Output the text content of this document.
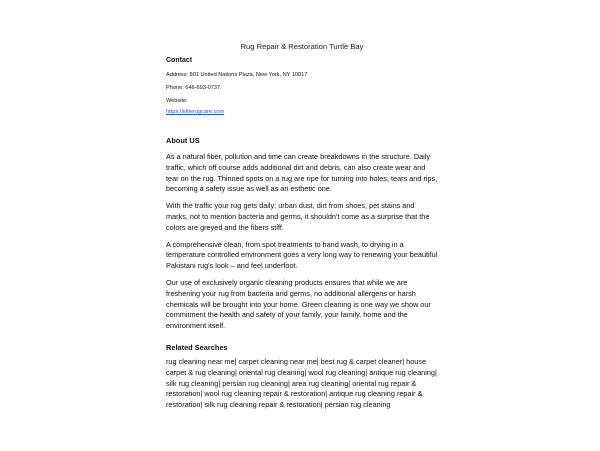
Rug Repair & Restoration Turtle Bay
Contact
Address: 801 United Nations Plaza, New York, NY 10017
Phone: 646-693-0737
Website:
https://eliterugcare.com
About US

As a natural fiber, pollution and time can create breakdowns in the structure. Daily traffic, which off course adds additional dirt and debris, can also create wear and tear on the rug. Thinned spots on a rug are ripe for turning into holes, tears and rips, becoming a safety issue as well as an esthetic one.

With the traffic your rug gets daily; urban dust, dirt from shoes, pet stains and marks, not to mention bacteria and germs, it shouldn't come as a surprise that the colors are greyed and the fibers stiff.

A comprehensive clean, from spot treatments to hand wash, to drying in a temperature controlled environment goes a very long way to renewing your beautiful Pakistani rug's look – and feel underfoot.

Our use of exclusively organic cleaning products ensures that while we are freshening your rug from bacteria and germs, no additional allergens or harsh chemicals will be brought into your home. Green cleaning is one way we show our commitment the health and safety of your family, your family, home and the environment itself.

Related Searches
rug cleaning near me| carpet cleaning near me| best rug & carpet cleaner| house carpet & rug cleaning| oriental rug cleaning| wool rug cleaning| antique rug cleaning| silk rug cleaning| persian rug cleaning| area rug cleaning| oriental rug repair & restoration| wool rug cleaning repair & restoration| antique rug cleaning repair & restoration| silk rug cleaning repair & restoration| persian rug cleaning
